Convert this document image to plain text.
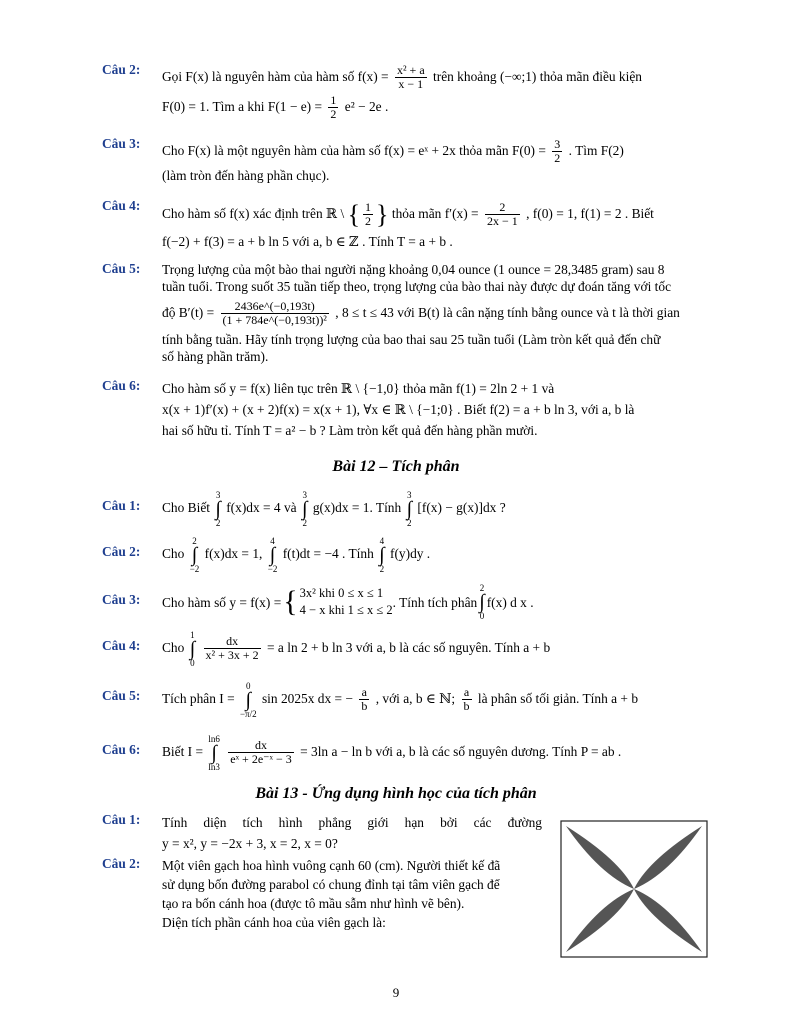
Câu 2:	Gọi F(x) là nguyên hàm của hàm số $f(x) = \frac{\text{x² + a}}{x - 1}$ trên khoảng (−∞;1) thỏa mãn điều kiện
F(0) = 1. Tìm a khi $F(1 - e) = \frac{1}{2} e^2 - 2e$ .
Câu 3:	Cho F(x) là một nguyên hàm của hàm số f(x) = eˣ + 2x thỏa mãn $F(0) = \frac{3}{2}$ . Tìm F(2)
(làm tròn đến hàng phần chục).
Câu 4:
Cho hàm số f(x) xác định trên ℝ \ { $\frac{1}{2}$ } thỏa mãn $f'(x) = \frac{2}{2x - 1}$ , f(0) = 1, f(1) = 2 . Biết
f(−2) + f(3) = a + b ln 5 với a, b ∈ ℤ . Tính T = a + b .
Câu 5:	Trọng lượng của một bào thai người nặng khoảng 0,04 ounce (1 ounce = 28,3485 gram) sau 8
tuần tuổi. Trong suốt 35 tuần tiếp theo, trọng lượng của bào thai này được dự đoán tăng với tốc
độ $B'(t) = \frac{2436e\^{}(-0,193t)}{\text{(1 + 784e\textasciicircum{}(−0,193t))²}}$ , 8 ≤ t ≤ 43 với B(t) là cân nặng tính bằng ounce và t là thời gian
tính bằng tuần. Hãy tính trọng lượng của bao thai sau 25 tuần tuổi (Làm tròn kết quả đến chữ
số hàng phần trăm).
Câu 6:	Cho hàm số y = f(x) liên tục trên ℝ \ {−1,0} thỏa mãn f(1) = 2ln 2 + 1 và
x(x + 1)f′(x) + (x + 2)f(x) = x(x + 1), ∀x ∈ ℝ \ {−1;0} . Biết f(2) = a + b ln 3, với a, b là
hai số hữu tỉ. Tính T = a² − b ? Làm tròn kết quả đến hàng phần mười.
Bài 12 – Tích phân
Câu 1:	Cho Biết 3
∫
2 f(x)dx = 4 và 3
∫
2 g(x)dx = 1. Tính 3
∫
2 [f(x) − g(x)]dx ?
Câu 2:	Cho 2
∫
−2 f(x)dx = 1, 4
∫
−2 f(t)dt = −4 . Tính 4
∫
2 f(y)dy .
Câu 3:	Cho hàm số y = f(x) = { 3x² khi 0 ≤ x ≤ 1
4 − x khi 1 ≤ x ≤ 2
. Tính tích phân
2
∫
0
f(x) d x .
Câu 4:	Cho 1
∫
0
$\frac{dx}{\text{x² + 3x + 2}} = a$ ln 2 + b ln 3 với a, b là các số nguyên. Tính a + b
Câu 5:	Tích phân I = 0
∫
−π/2 sin 2025x dx = − $\frac{a}{b}$ , với a, b ∈ ℕ; $\frac{a}{b}$ là phân số tối giản. Tính a + b
Câu 6:	Biết I = ln6
∫
ln3
$\frac{dx}{\text{eˣ + 2e⁻ˣ − 3}} = 3\ln$ a − ln b với a, b là các số nguyên dương. Tính P = ab .
Bài 13 - Ứng dụng hình học của tích phân
Câu 1:	Tính diện tích hình phẳng giới hạn bởi các đường
y = x², y = −2x + 3, x = 2, x = 0?
Câu 2:	Một viên gạch hoa hình vuông cạnh 60 (cm). Người thiết kế đã
sử dụng bốn đường parabol có chung đỉnh tại tâm viên gạch để
tạo ra bốn cánh hoa (được tô mầu sẫm như hình vẽ bên).
Diện tích phần cánh hoa của viên gạch là:
9
